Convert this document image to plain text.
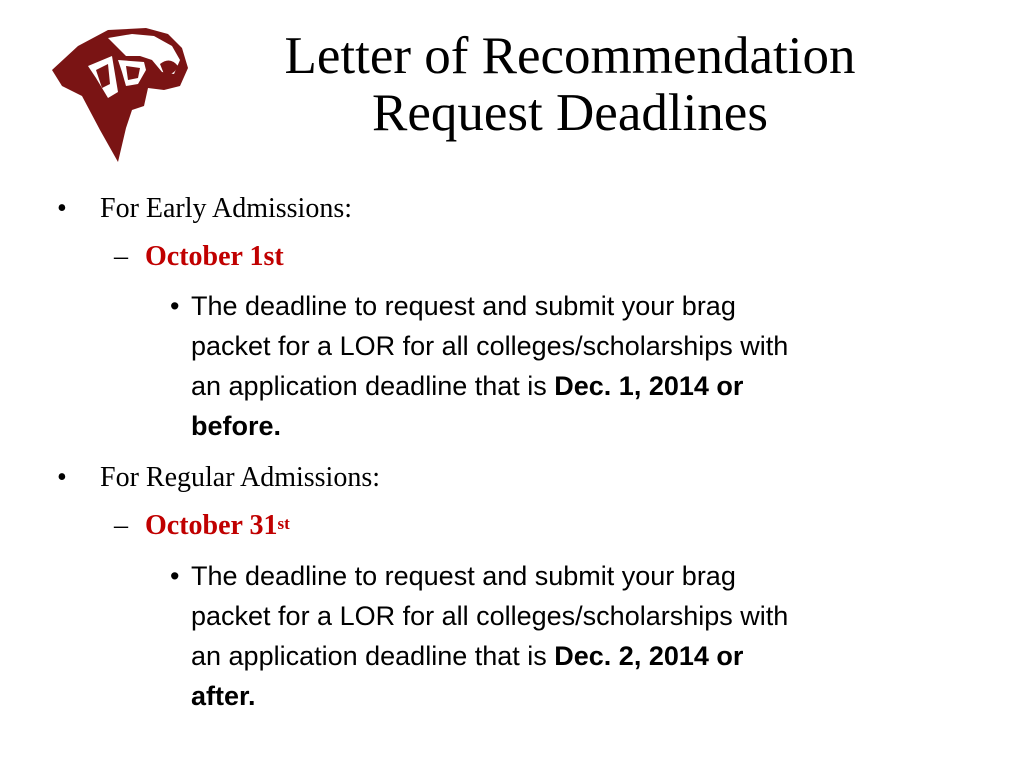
Letter of Recommendation
Request Deadlines
• For Early Admissions:
– October 1st
• The deadline to request and submit your brag
packet for a LOR for all colleges/scholarships with
an application deadline that is Dec. 1, 2014 or
before.
• For Regular Admissions:
– October 31st
• The deadline to request and submit your brag
packet for a LOR for all colleges/scholarships with
an application deadline that is Dec. 2, 2014 or
after.
